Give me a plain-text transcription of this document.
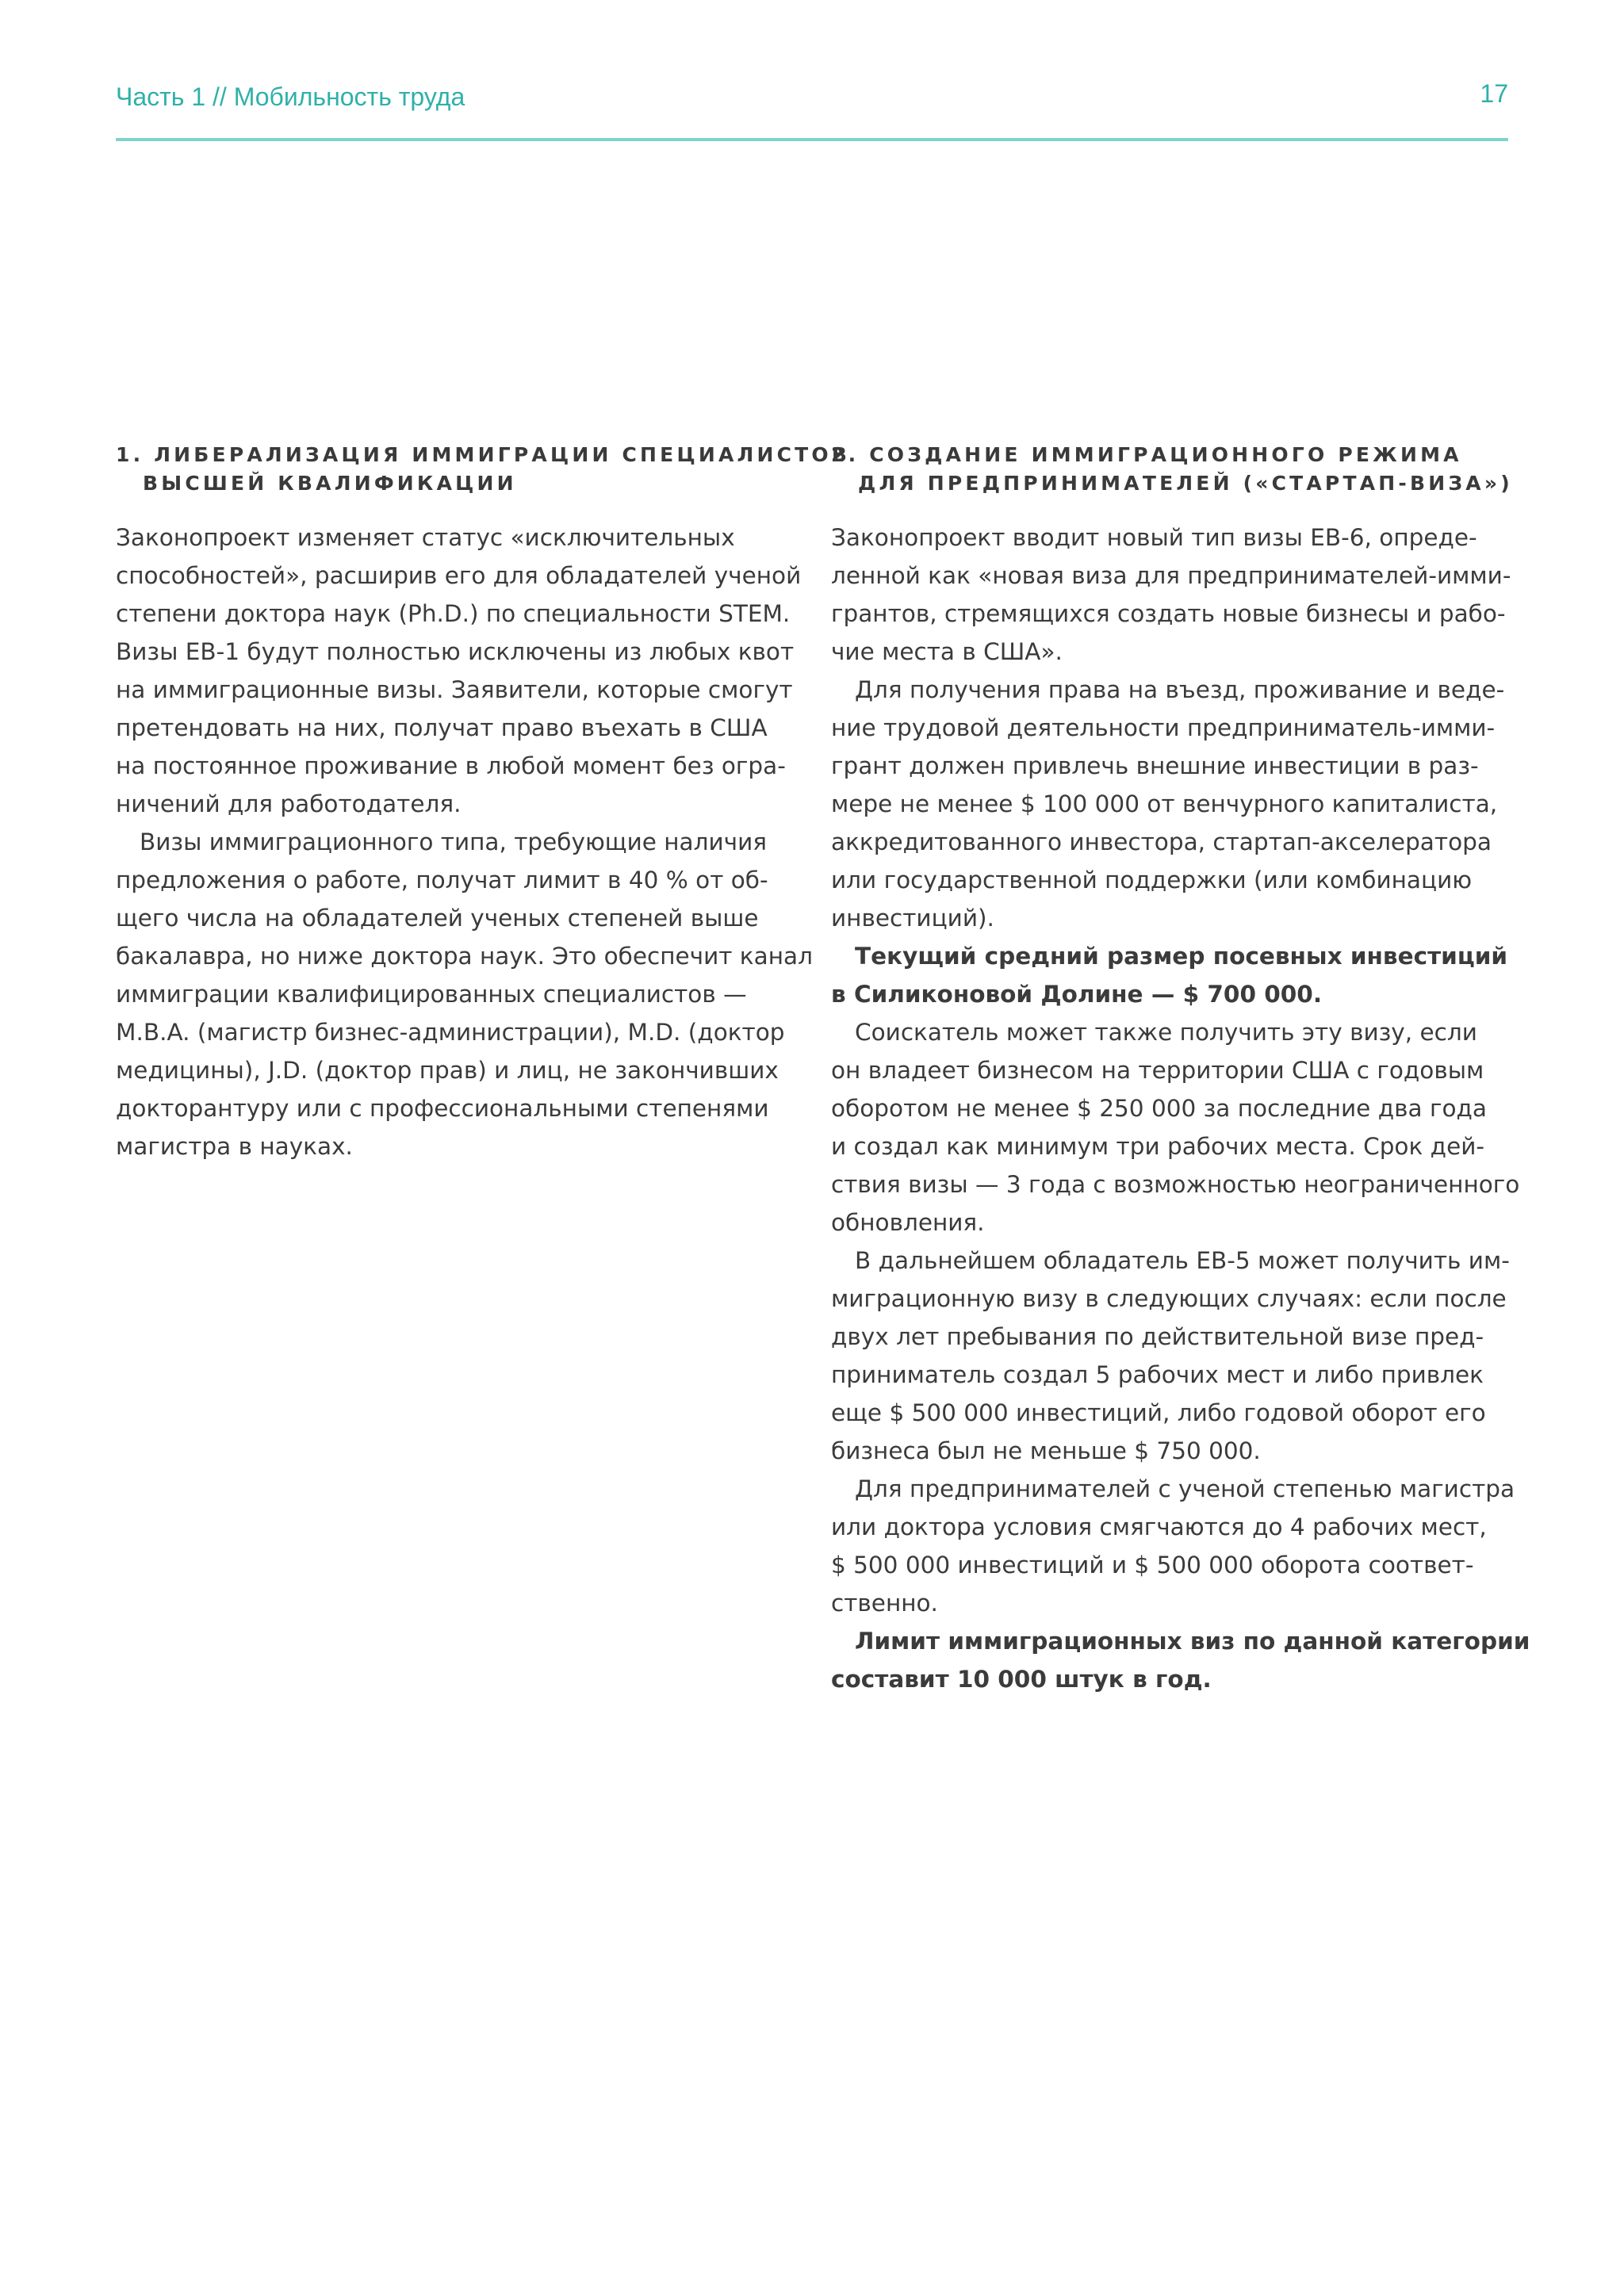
Часть 1 // Мобильность труда	17
1. ЛИБЕРАЛИЗАЦИЯ ИММИГРАЦИИ СПЕЦИАЛИСТОВ
ВЫСШЕЙ КВАЛИФИКАЦИИ
Законопроект изменяет статус «исключительных
способностей», расширив его для обладателей ученой
степени доктора наук (Ph.D.) по специальности STEM.
Визы EB-1 будут полностью исключены из любых квот
на иммиграционные визы. Заявители, которые смогут
претендовать на них, получат право въехать в США
на постоянное проживание в любой момент без огра-
ничений для работодателя.
Визы иммиграционного типа, требующие наличия
предложения о работе, получат лимит в 40 % от об-
щего числа на обладателей ученых степеней выше
бакалавра, но ниже доктора наук. Это обеспечит канал
иммиграции квалифицированных специалистов —
M.B.A. (магистр бизнес-администрации), M.D. (доктор
медицины), J.D. (доктор прав) и лиц, не закончивших
докторантуру или с профессиональными степенями
магистра в науках.
2. СОЗДАНИЕ ИММИГРАЦИОННОГО РЕЖИМА
ДЛЯ ПРЕДПРИНИМАТЕЛЕЙ («СТАРТАП-ВИЗА»)
Законопроект вводит новый тип визы EB-6, опреде-
ленной как «новая виза для предпринимателей-имми-
грантов, стремящихся создать новые бизнесы и рабо-
чие места в США».
Для получения права на въезд, проживание и веде-
ние трудовой деятельности предприниматель-имми-
грант должен привлечь внешние инвестиции в раз-
мере не менее $ 100 000 от венчурного капиталиста,
аккредитованного инвестора, стартап-акселератора
или государственной поддержки (или комбинацию
инвестиций).
Текущий средний размер посевных инвестиций
в Силиконовой Долине — $ 700 000.
Соискатель может также получить эту визу, если
он владеет бизнесом на территории США с годовым
оборотом не менее $ 250 000 за последние два года
и создал как минимум три рабочих места. Срок дей-
ствия визы — 3 года с возможностью неограниченного
обновления.
В дальнейшем обладатель EB-5 может получить им-
миграционную визу в следующих случаях: если после
двух лет пребывания по действительной визе пред-
приниматель создал 5 рабочих мест и либо привлек
еще $ 500 000 инвестиций, либо годовой оборот его
бизнеса был не меньше $ 750 000.
Для предпринимателей с ученой степенью магистра
или доктора условия смягчаются до 4 рабочих мест,
$ 500 000 инвестиций и $ 500 000 оборота соответ-
ственно.
Лимит иммиграционных виз по данной категории
составит 10 000 штук в год.
